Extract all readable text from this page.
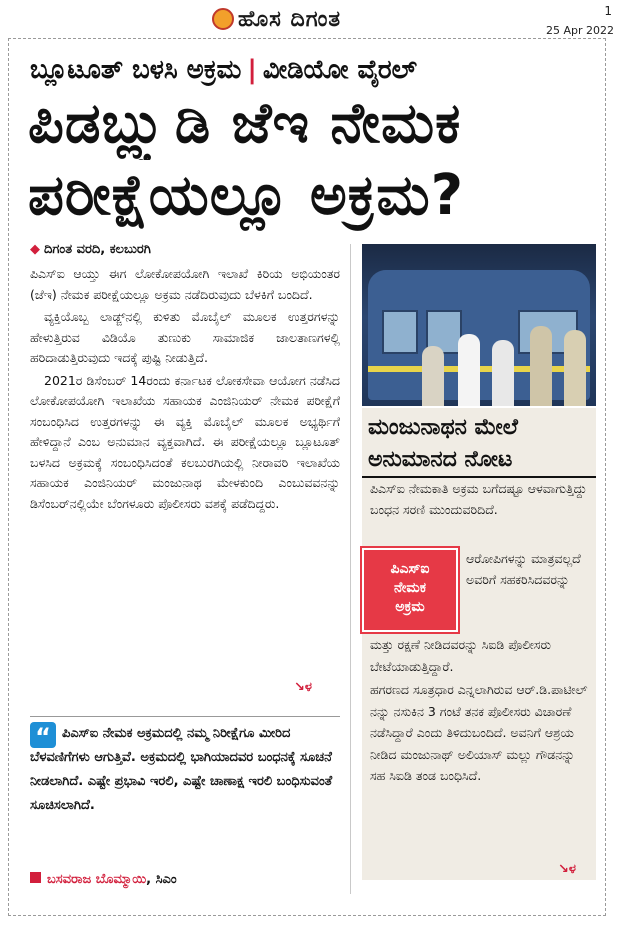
ಹೊಸ ದಿಗಂತ	1
25 Apr 2022
ಬ್ಲೂಟೂತ್ ಬಳಸಿ ಅಕ್ರಮ | ವೀಡಿಯೋ ವೈರಲ್
ಪಿಡಬ್ಲ್ಯುಡಿ ಜೆಇ ನೇಮಕ
ಪರೀಕ್ಷೆಯಲ್ಲೂ ಅಕ್ರಮ?
◆ ದಿಗಂತ ವರದಿ, ಕಲಬುರಗಿ

ಪಿಎಸ್‌ಐ ಆಯ್ತು ಈಗ ಲೋಕೋಪಯೋಗಿ ಇಲಾಖೆ ಕಿರಿಯ ಅಭಿಯಂತರ (ಜೆಇ) ನೇಮಕ ಪರೀಕ್ಷೆಯಲ್ಲೂ ಅಕ್ರಮ ನಡೆದಿರುವುದು ಬೆಳಕಿಗೆ ಬಂದಿದೆ.

ವ್ಯಕ್ತಿಯೊಬ್ಬ ಲಾಡ್ಜ್‌ನಲ್ಲಿ ಕುಳಿತು ಮೊಬೈಲ್ ಮೂಲಕ ಉತ್ತರಗಳನ್ನು ಹೇಳುತ್ತಿರುವ ವಿಡಿಯೊ ತುಣುಕು ಸಾಮಾಜಿಕ ಜಾಲತಾಣಗಳಲ್ಲಿ ಹರಿದಾಡುತ್ತಿರುವುದು ಇದಕ್ಕೆ ಪುಷ್ಟಿ ನೀಡುತ್ತಿದೆ.

2021ರ ಡಿಸೆಂಬರ್ 14ರಂದು ಕರ್ನಾಟಕ ಲೋಕಸೇವಾ ಆಯೋಗ ನಡೆಸಿದ ಲೋಕೋಪಯೋಗಿ ಇಲಾಖೆಯ ಸಹಾಯಕ ಎಂಜಿನಿಯರ್ ನೇಮಕ ಪರೀಕ್ಷೆಗೆ ಸಂಬಂಧಿಸಿದ ಉತ್ತರಗಳನ್ನು ಈ ವ್ಯಕ್ತಿ ಮೊಬೈಲ್ ಮೂಲಕ ಅಭ್ಯರ್ಥಿಗೆ ಹೇಳಿದ್ದಾನೆ ಎಂಬ ಅನುಮಾನ ವ್ಯಕ್ತವಾಗಿದೆ. ಈ ಪರೀಕ್ಷೆಯಲ್ಲೂ ಬ್ಲೂಟೂತ್ ಬಳಸಿದ ಅಕ್ರಮಕ್ಕೆ ಸಂಬಂಧಿಸಿದಂತೆ ಕಲಬುರಗಿಯಲ್ಲಿ ನೀರಾವರಿ ಇಲಾಖೆಯ ಸಹಾಯಕ ಎಂಜಿನಿಯರ್ ಮಂಜುನಾಥ ಮೇಳಕುಂದಿ ಎಂಬುವವನನ್ನು ಡಿಸೆಂಬರ್‌ನಲ್ಲಿಯೇ ಬೆಂಗಳೂರು ಪೊಲೀಸರು ವಶಕ್ಕೆ ಪಡೆದಿದ್ದರು.

↘ಳ
ಪಿಎಸ್‌ಐ ನೇಮಕ ಅಕ್ರಮದಲ್ಲಿ ನಮ್ಮ ನಿರೀಕ್ಷೆಗೂ ಮೀರಿದ ಬೆಳವಣಿಗೆಗಳು ಆಗುತ್ತಿವೆ. ಅಕ್ರಮದಲ್ಲಿ ಭಾಗಿಯಾದವರ ಬಂಧನಕ್ಕೆ ಸೂಚನೆ ನೀಡಲಾಗಿದೆ. ಎಷ್ಟೇ ಪ್ರಭಾವಿ ಇರಲಿ, ಎಷ್ಟೇ ಚಾಣಾಕ್ಷ ಇರಲಿ ಬಂಧಿಸುವಂತೆ ಸೂಚಿಸಲಾಗಿದೆ.
“
ಬಸವರಾಜ ಬೊಮ್ಮಾಯಿ, ಸಿಎಂ
ಮಂಜುನಾಥನ ಮೇಲೆ
ಅನುಮಾನದ ನೋಟ

ಪಿಎಸ್‌ಐ ನೇಮಕಾತಿ ಅಕ್ರಮ ಬಗೆದಷ್ಟೂ ಆಳವಾಗುತ್ತಿದ್ದು ಬಂಧನ ಸರಣಿ ಮುಂದುವರಿದಿದೆ.

ಪಿಎಸ್‌ಐ
ನೇಮಕ
ಅಕ್ರಮ
ಆರೋಪಿಗಳನ್ನು ಮಾತ್ರವಲ್ಲದೆ ಅವರಿಗೆ ಸಹಕರಿಸಿದವರನ್ನು

ಮತ್ತು ರಕ್ಷಣೆ ನೀಡಿದವರನ್ನು ಸಿಐಡಿ ಪೊಲೀಸರು ಬೇಟೆಯಾಡುತ್ತಿದ್ದಾರೆ.

ಹಗರಣದ ಸೂತ್ರಧಾರ ಎನ್ನಲಾಗಿರುವ ಆರ್.ಡಿ.ಪಾಟೀಲ್ ನನ್ನು ನಸುಕಿನ 3 ಗಂಟೆ ತನಕ ಪೊಲೀಸರು ವಿಚಾರಣೆ ನಡೆಸಿದ್ದಾರೆ ಎಂದು ತಿಳಿದುಬಂದಿದೆ. ಅವನಿಗೆ ಆಶ್ರಯ ನೀಡಿದ ಮಂಜುನಾಥ್ ಅಲಿಯಾಸ್ ಮಲ್ಲು ಗೌಡನನ್ನು ಸಹ ಸಿಐಡಿ ತಂಡ ಬಂಧಿಸಿದೆ.

↘ಳ
